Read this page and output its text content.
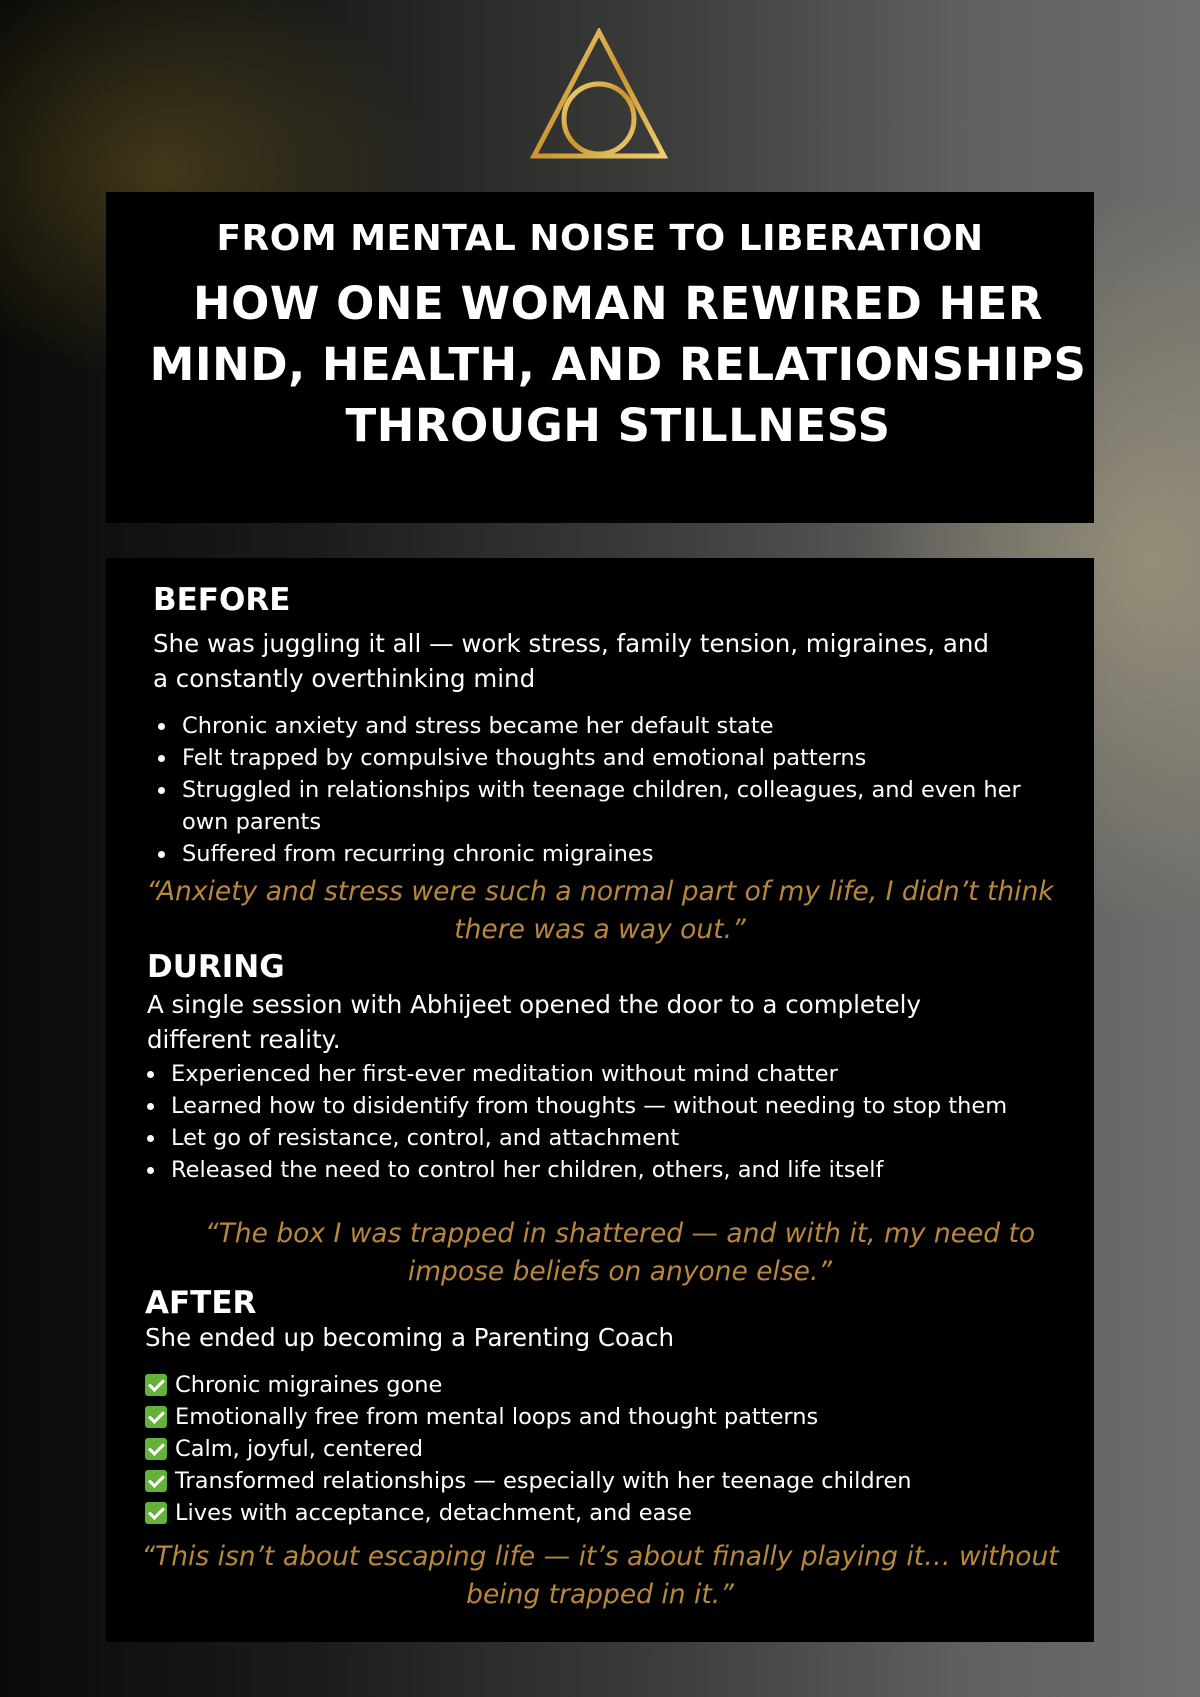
FROM MENTAL NOISE TO LIBERATION
HOW ONE WOMAN REWIRED HER
MIND, HEALTH, AND RELATIONSHIPS
THROUGH STILLNESS
BEFORE
She was juggling it all — work stress, family tension, migraines, and
a constantly overthinking mind
Chronic anxiety and stress became her default state
Felt trapped by compulsive thoughts and emotional patterns
Struggled in relationships with teenage children, colleagues, and even her own parents
Suffered from recurring chronic migraines
“Anxiety and stress were such a normal part of my life, I didn’t think
there was a way out.”
DURING
A single session with Abhijeet opened the door to a completely
different reality.
Experienced her first-ever meditation without mind chatter
Learned how to disidentify from thoughts — without needing to stop them
Let go of resistance, control, and attachment
Released the need to control her children, others, and life itself
“The box I was trapped in shattered — and with it, my need to
impose beliefs on anyone else.”
AFTER
She ended up becoming a Parenting Coach
Chronic migraines gone
Emotionally free from mental loops and thought patterns
Calm, joyful, centered
Transformed relationships — especially with her teenage children
Lives with acceptance, detachment, and ease
“This isn’t about escaping life — it’s about finally playing it… without
being trapped in it.”
